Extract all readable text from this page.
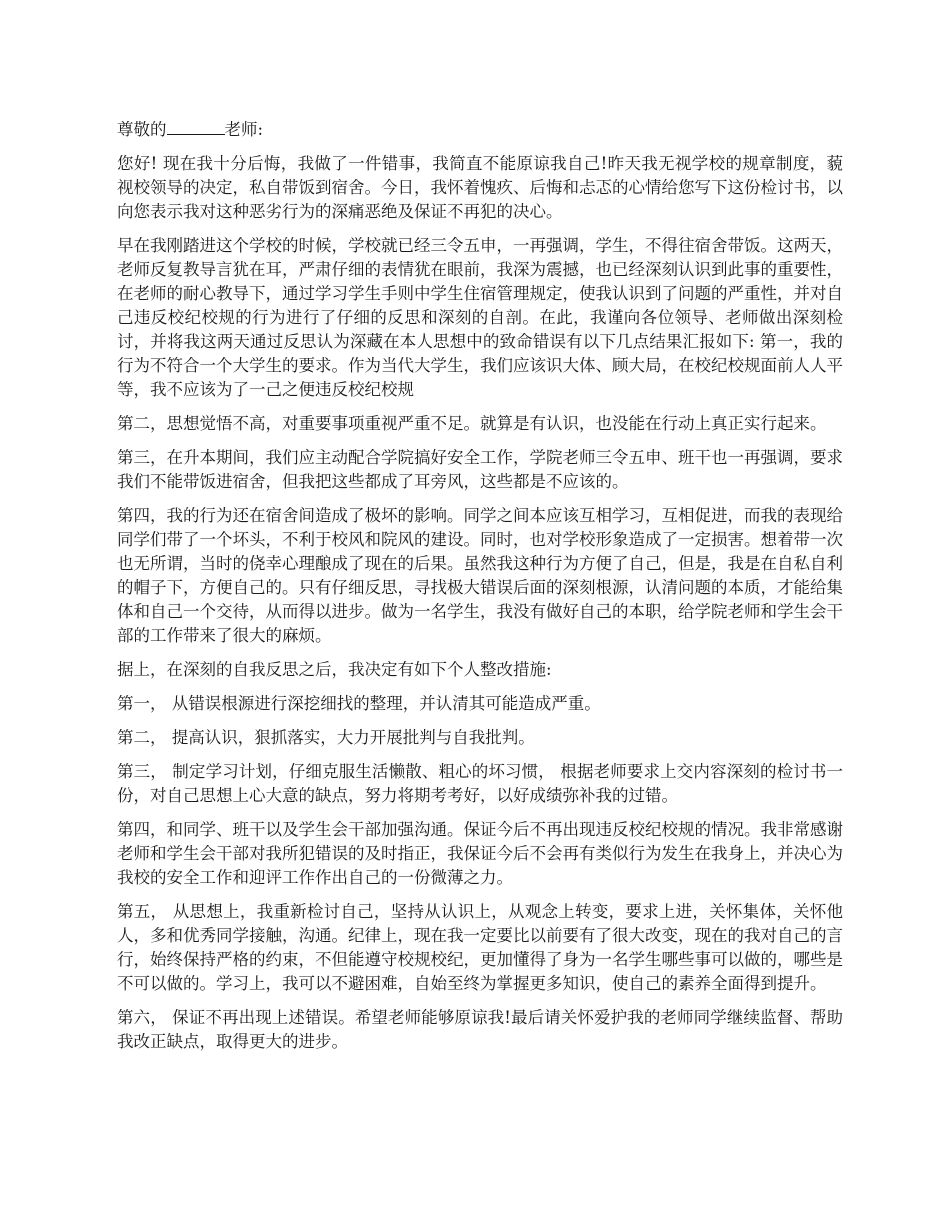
尊敬的	老师:

您好! 现在我十分后悔，我做了一件错事，我简直不能原谅我自己!昨天我无视学校的规章制度，藐视校领导的决定，私自带饭到宿舍。今日，我怀着愧疚、后悔和忐忑的心情给您写下这份检讨书，以向您表示我对这种恶劣行为的深痛恶绝及保证不再犯的决心。

早在我刚踏进这个学校的时候，学校就已经三令五申，一再强调，学生，不得往宿舍带饭。这两天，老师反复教导言犹在耳，严肃仔细的表情犹在眼前，我深为震撼，也已经深刻认识到此事的重要性，在老师的耐心教导下，通过学习学生手则中学生住宿管理规定，使我认识到了问题的严重性，并对自己违反校纪校规的行为进行了仔细的反思和深刻的自剖。在此，我谨向各位领导、老师做出深刻检讨，并将我这两天通过反思认为深藏在本人思想中的致命错误有以下几点结果汇报如下: 第一，我的行为不符合一个大学生的要求。作为当代大学生，我们应该识大体、顾大局，在校纪校规面前人人平等，我不应该为了一己之便违反校纪校规

第二，思想觉悟不高，对重要事项重视严重不足。就算是有认识，也没能在行动上真正实行起来。

第三，在升本期间，我们应主动配合学院搞好安全工作，学院老师三令五申、班干也一再强调，要求我们不能带饭进宿舍，但我把这些都成了耳旁风，这些都是不应该的。

第四，我的行为还在宿舍间造成了极坏的影响。同学之间本应该互相学习，互相促进，而我的表现给同学们带了一个坏头，不利于校风和院风的建设。同时，也对学校形象造成了一定损害。想着带一次也无所谓，当时的侥幸心理酿成了现在的后果。虽然我这种行为方便了自己，但是，我是在自私自利的帽子下，方便自己的。只有仔细反思，寻找极大错误后面的深刻根源，认清问题的本质，才能给集体和自己一个交待，从而得以进步。做为一名学生，我没有做好自己的本职，给学院老师和学生会干部的工作带来了很大的麻烦。

据上，在深刻的自我反思之后，我决定有如下个人整改措施:

第一， 从错误根源进行深挖细找的整理，并认清其可能造成严重。

第二， 提高认识，狠抓落实，大力开展批判与自我批判。

第三， 制定学习计划，仔细克服生活懒散、粗心的坏习惯， 根据老师要求上交内容深刻的检讨书一份，对自己思想上心大意的缺点，努力将期考考好，以好成绩弥补我的过错。

第四，和同学、班干以及学生会干部加强沟通。保证今后不再出现违反校纪校规的情况。我非常感谢老师和学生会干部对我所犯错误的及时指正，我保证今后不会再有类似行为发生在我身上，并决心为我校的安全工作和迎评工作作出自己的一份微薄之力。

第五， 从思想上，我重新检讨自己，坚持从认识上，从观念上转变，要求上进，关怀集体，关怀他人，多和优秀同学接触，沟通。纪律上，现在我一定要比以前要有了很大改变，现在的我对自己的言行，始终保持严格的约束，不但能遵守校规校纪，更加懂得了身为一名学生哪些事可以做的，哪些是不可以做的。学习上，我可以不避困难，自始至终为掌握更多知识，使自己的素养全面得到提升。

第六， 保证不再出现上述错误。希望老师能够原谅我!最后请关怀爱护我的老师同学继续监督、帮助我改正缺点，取得更大的进步。
